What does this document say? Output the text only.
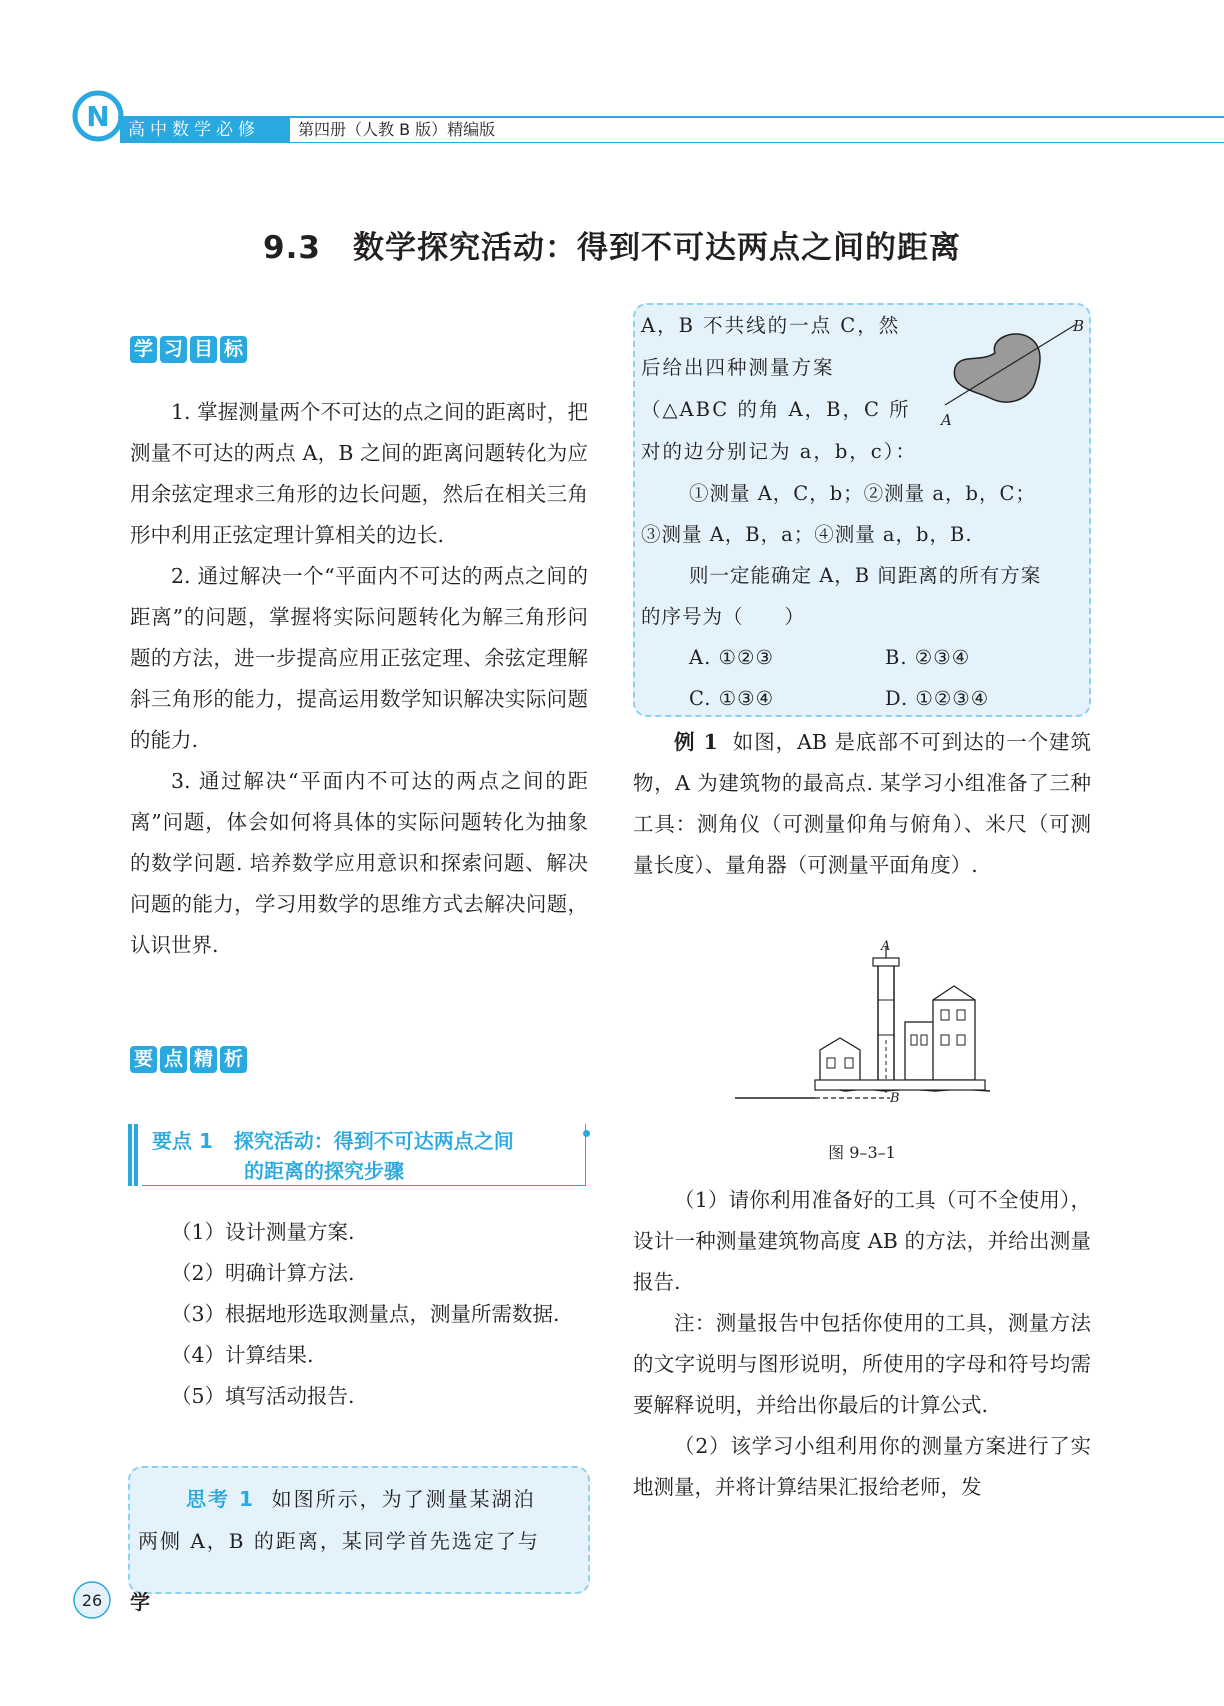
N	高中数学必修	第四册（人教 B 版）精编版
9.3　数学探究活动：得到不可达两点之间的距离
学 习 目 标

1. 掌握测量两个不可达的点之间的距离时，把测量不可达的两点 A，B 之间的距离问题转化为应用余弦定理求三角形的边长问题，然后在相关三角形中利用正弦定理计算相关的边长.

2. 通过解决一个“平面内不可达的两点之间的距离”的问题，掌握将实际问题转化为解三角形问题的方法，进一步提高应用正弦定理、余弦定理解斜三角形的能力，提高运用数学知识解决实际问题的能力.

3. 通过解决“平面内不可达的两点之间的距离”问题，体会如何将具体的实际问题转化为抽象的数学问题. 培养数学应用意识和探索问题、解决问题的能力，学习用数学的思维方式去解决问题，认识世界.

要 点 精 析
要点 1 探究活动：得到不可达两点之间
的距离的探究步骤

（1）设计测量方案.

（2）明确计算方法.

（3）根据地形选取测量点，测量所需数据.

（4）计算结果.

（5）填写活动报告.

思考 1 如图所示，为了测量某湖泊
两侧 A，B 的距离，某同学首先选定了与
A，B 不共线的一点 C，然
后给出四种测量方案
（△ABC 的角 A，B，C 所
对的边分别记为 a，b，c）：
A
B
①测量 A，C，b；②测量 a，b，C；
③测量 A，B，a；④测量 a，b，B.
则一定能确定 A，B 间距离的所有方案
的序号为（　　）
A. ①②③	B. ②③④
C. ①③④	D. ①②③④

例 1 如图，AB 是底部不可到达的一个建筑物，A 为建筑物的最高点. 某学习小组准备了三种工具：测角仪（可测量仰角与俯角）、米尺（可测量长度）、量角器（可测量平面角度）.

A
B
图 9–3–1

（1）请你利用准备好的工具（可不全使用），设计一种测量建筑物高度 AB 的方法，并给出测量报告.

注：测量报告中包括你使用的工具，测量方法的文字说明与图形说明，所使用的字母和符号均需要解释说明，并给出你最后的计算公式.

（2）该学习小组利用你的测量方案进行了实地测量，并将计算结果汇报给老师，发

26 学
